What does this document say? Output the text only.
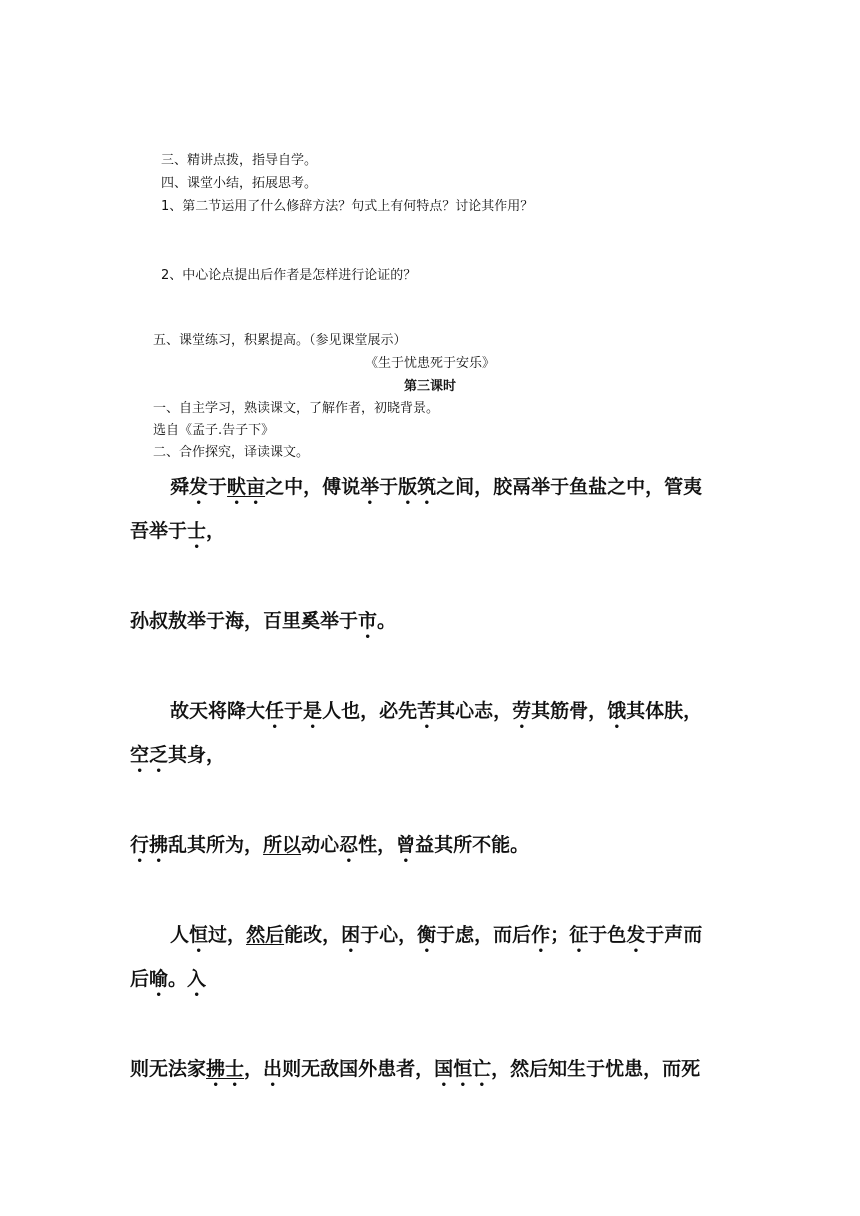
三、精讲点拨，指导自学。
四、课堂小结，拓展思考。
1、第二节运用了什么修辞方法？句式上有何特点？讨论其作用？
2、中心论点提出后作者是怎样进行论证的？
五、课堂练习，积累提高。（参见课堂展示）
《生于忧患死于安乐》
第三课时
一、自主学习，熟读课文，了解作者，初晓背景。
选自《孟子.告子下》
二、合作探究，译读课文。
舜发于畎亩之中，傅说举于版筑之间，胶鬲举于鱼盐之中，管夷
吾举于士，
孙叔敖举于海，百里奚举于市。
故天将降大任于是人也，必先苦其心志，劳其筋骨，饿其体肤，
空乏其身，
行拂乱其所为，所以动心忍性，曾益其所不能。
人恒过，然后能改，困于心，衡于虑，而后作；征于色发于声而
后喻。入
则无法家拂士，出则无敌国外患者，国恒亡，然后知生于忧患，而死
